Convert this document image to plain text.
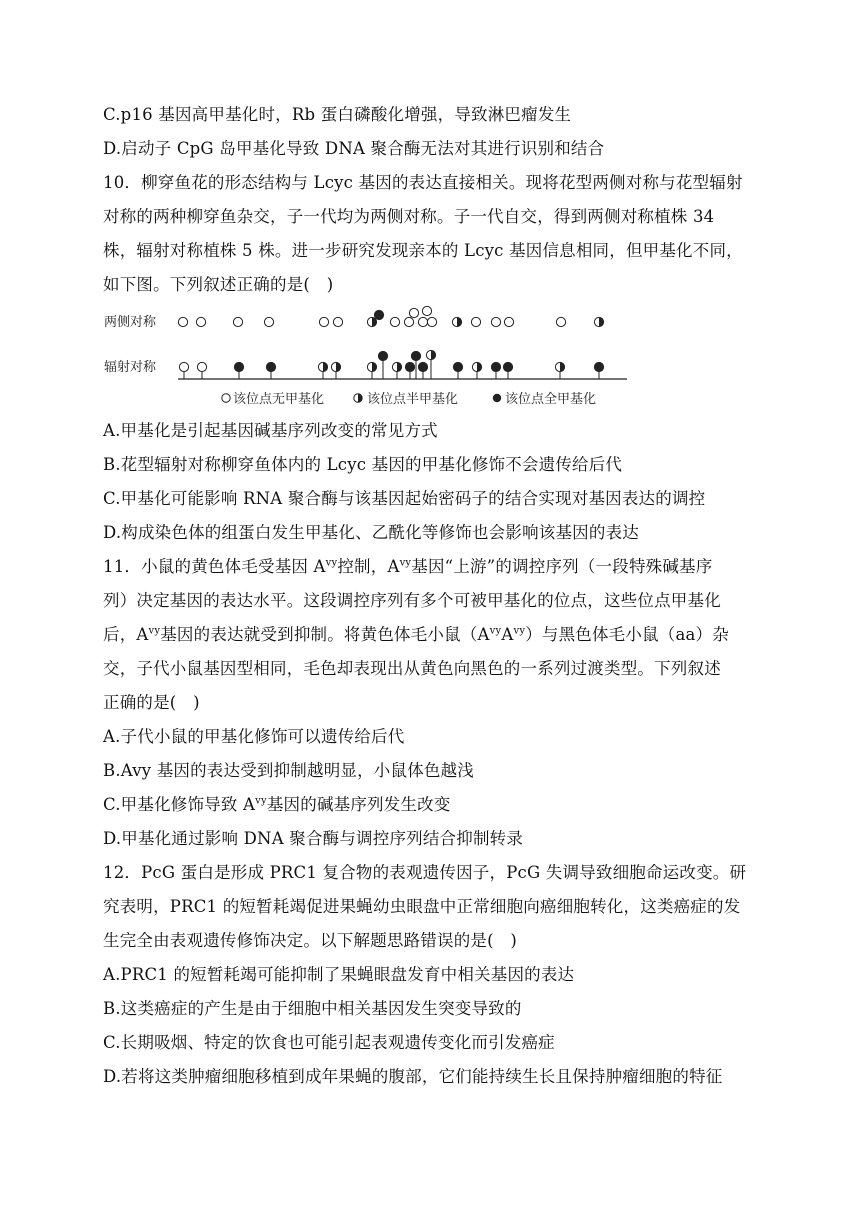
C.p16 基因高甲基化时，Rb 蛋白磷酸化增强，导致淋巴瘤发生
D.启动子 CpG 岛甲基化导致 DNA 聚合酶无法对其进行识别和结合
10．柳穿鱼花的形态结构与 Lcyc 基因的表达直接相关。现将花型两侧对称与花型辐射
对称的两种柳穿鱼杂交，子一代均为两侧对称。子一代自交，得到两侧对称植株 34
株，辐射对称植株 5 株。进一步研究发现亲本的 Lcyc 基因信息相同，但甲基化不同，
如下图。下列叙述正确的是(　)
两侧对称
辐射对称
该位点无甲基化	该位点半甲基化	该位点全甲基化
A.甲基化是引起基因碱基序列改变的常见方式
B.花型辐射对称柳穿鱼体内的 Lcyc 基因的甲基化修饰不会遗传给后代
C.甲基化可能影响 RNA 聚合酶与该基因起始密码子的结合实现对基因表达的调控
D.构成染色体的组蛋白发生甲基化、乙酰化等修饰也会影响该基因的表达
11．小鼠的黄色体毛受基因 $A^{vy}$控制，$A^{vy}$基因“上游”的调控序列（一段特殊碱基序
列）决定基因的表达水平。这段调控序列有多个可被甲基化的位点，这些位点甲基化
后，$A^{vy}$基因的表达就受到抑制。将黄色体毛小鼠$(A^{vy}A^{vy})$与黑色体毛小鼠（aa）杂
交，子代小鼠基因型相同，毛色却表现出从黄色向黑色的一系列过渡类型。下列叙述
正确的是(　)
A.子代小鼠的甲基化修饰可以遗传给后代
B.Avy 基因的表达受到抑制越明显，小鼠体色越浅
C.甲基化修饰导致 $A^{vy}$基因的碱基序列发生改变
D.甲基化通过影响 DNA 聚合酶与调控序列结合抑制转录
12．PcG 蛋白是形成 PRC1 复合物的表观遗传因子，PcG 失调导致细胞命运改变。研
究表明，PRC1 的短暂耗竭促进果蝇幼虫眼盘中正常细胞向癌细胞转化，这类癌症的发
生完全由表观遗传修饰决定。以下解题思路错误的是(　)
A.PRC1 的短暂耗竭可能抑制了果蝇眼盘发育中相关基因的表达
B.这类癌症的产生是由于细胞中相关基因发生突变导致的
C.长期吸烟、特定的饮食也可能引起表观遗传变化而引发癌症
D.若将这类肿瘤细胞移植到成年果蝇的腹部，它们能持续生长且保持肿瘤细胞的特征
